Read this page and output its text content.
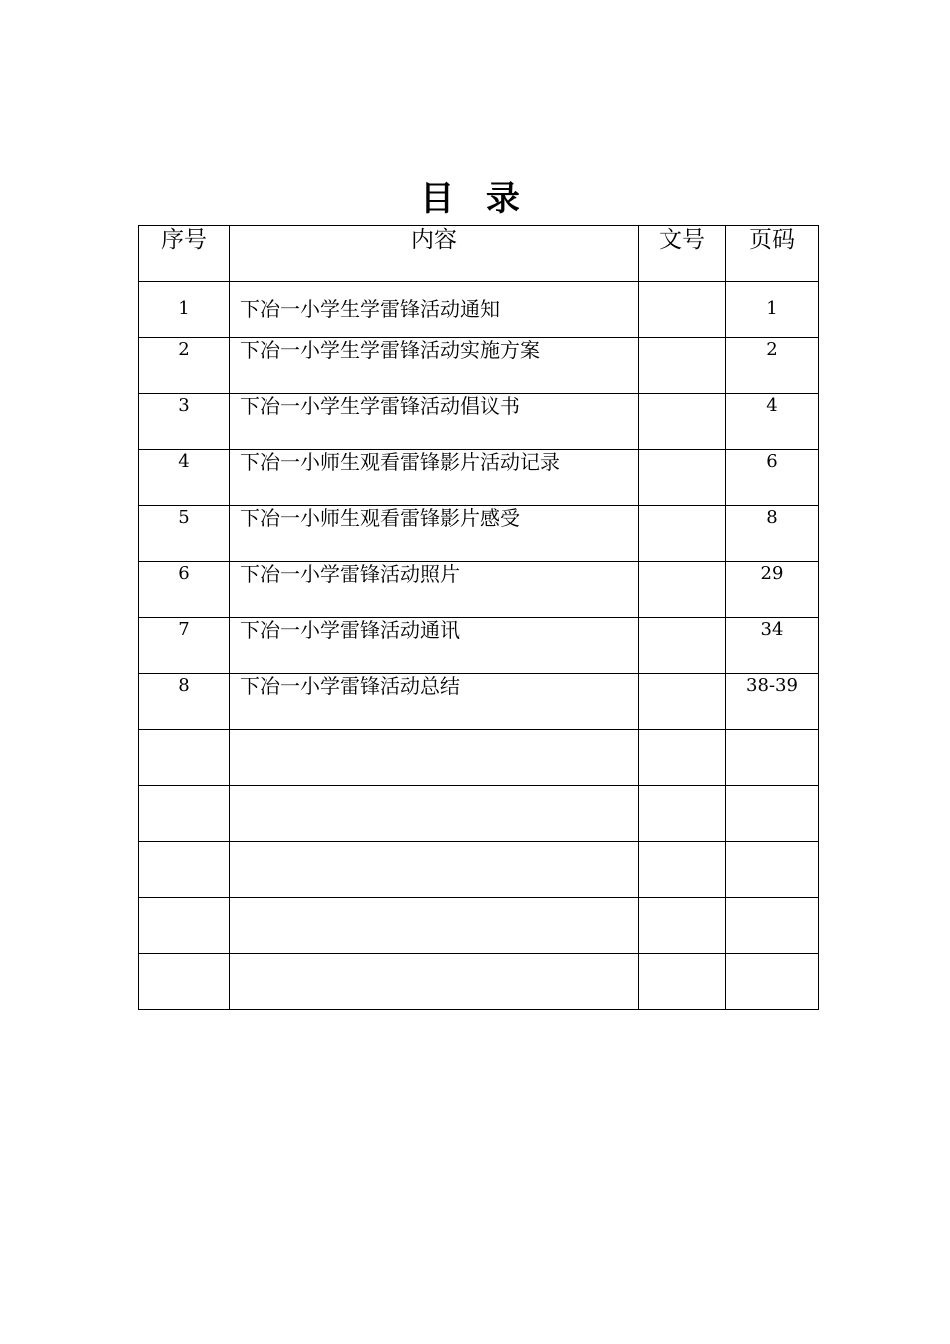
目 录
序号	内容	文号	页码

1	下冶一小学生学雷锋活动通知		1

2	下冶一小学生学雷锋活动实施方案		2

3	下冶一小学生学雷锋活动倡议书		4

4	下冶一小师生观看雷锋影片活动记录		6

5	下冶一小师生观看雷锋影片感受		8

6	下冶一小学雷锋活动照片		29

7	下冶一小学雷锋活动通讯		34

8	下冶一小学雷锋活动总结		38-39
